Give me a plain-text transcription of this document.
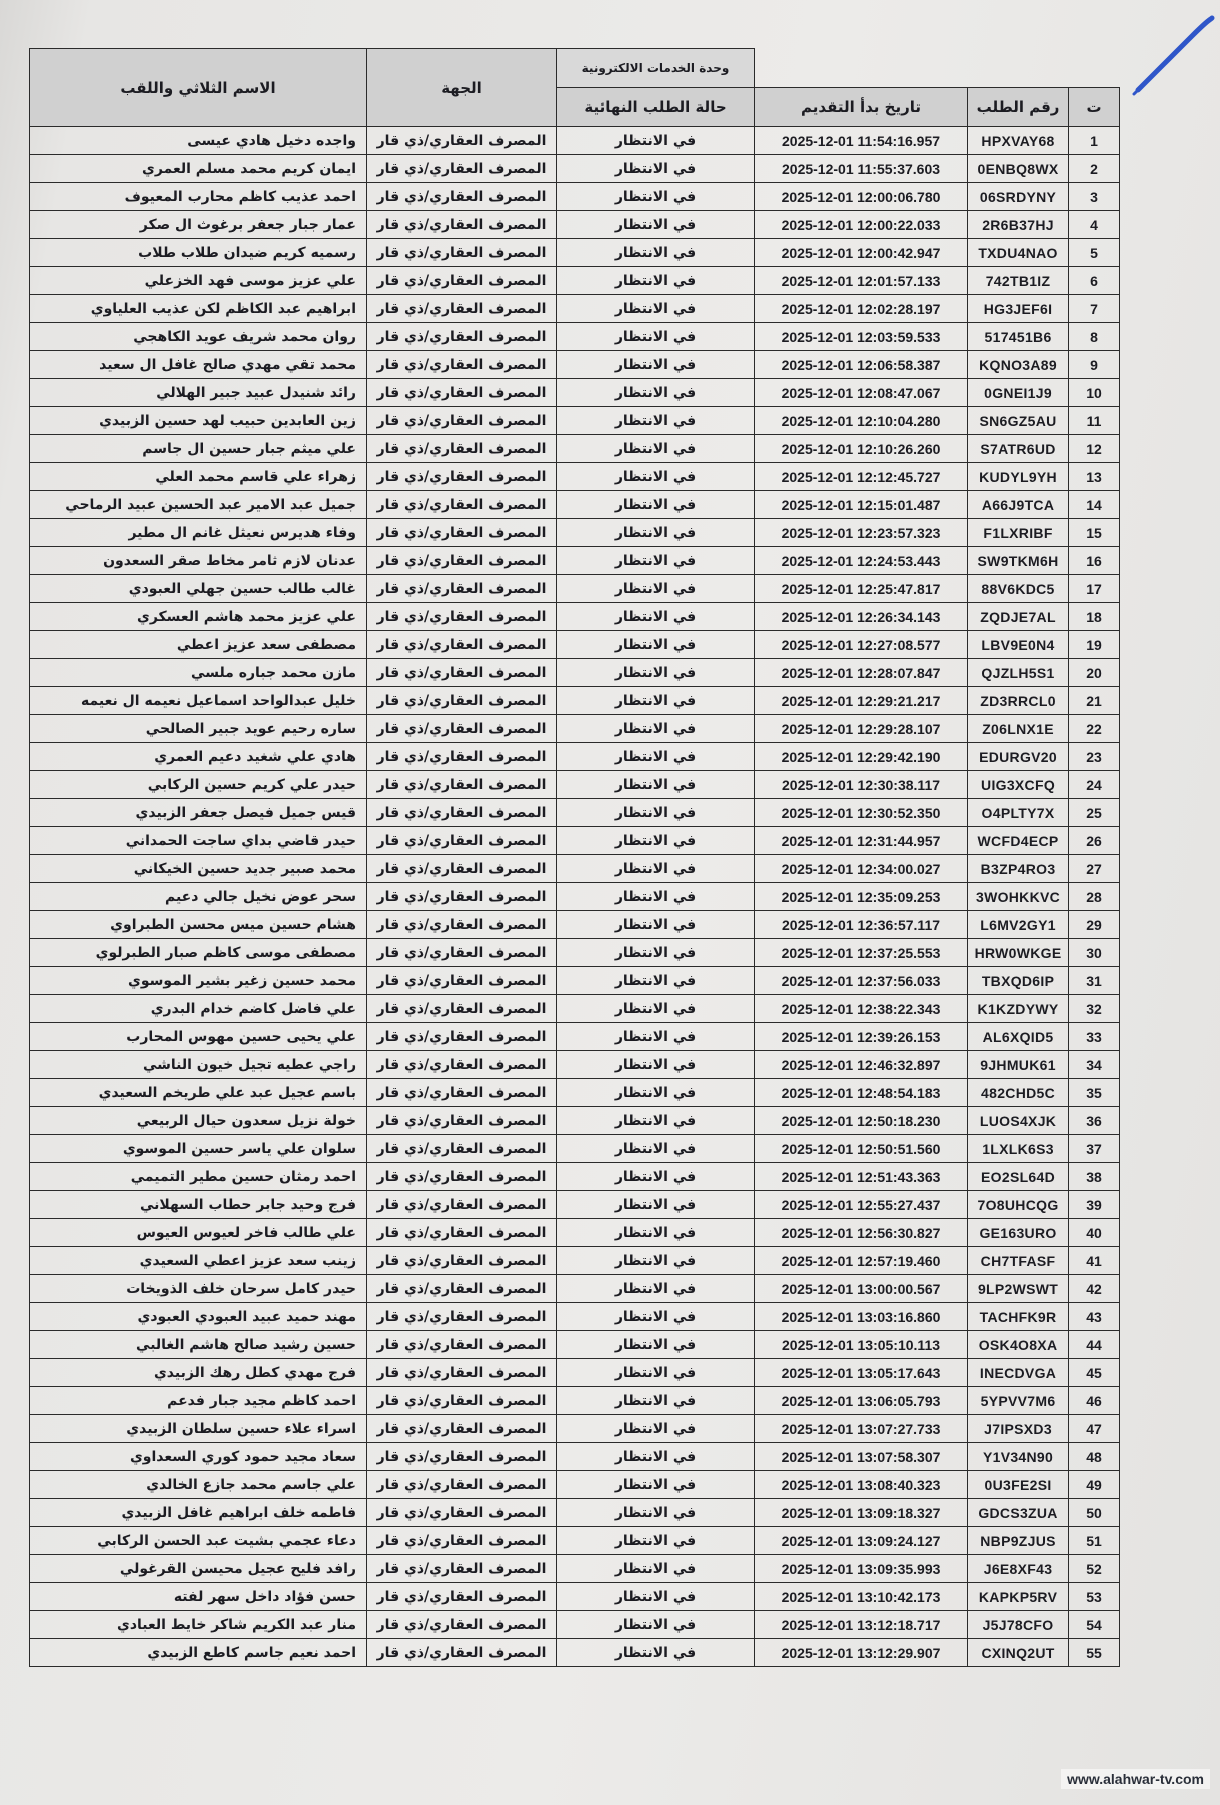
			وحدة الخدمات الالكترونية	الجهة	الاسم الثلاثي واللقب
ت	رقم الطلب	تاريخ بدأ التقديم	حالة الطلب النهائية		
1	HPXVAY68	2025-12-01 11:54:16.957	في الانتظار	المصرف العقاري/ذي قار	واجده دخيل هادي عيسى
2	0ENBQ8WX	2025-12-01 11:55:37.603	في الانتظار	المصرف العقاري/ذي قار	ايمان كريم محمد مسلم العمري
3	06SRDYNY	2025-12-01 12:00:06.780	في الانتظار	المصرف العقاري/ذي قار	احمد عذيب كاظم محارب المعيوف
4	2R6B37HJ	2025-12-01 12:00:22.033	في الانتظار	المصرف العقاري/ذي قار	عمار جبار جعفر برغوث ال صكر
5	TXDU4NAO	2025-12-01 12:00:42.947	في الانتظار	المصرف العقاري/ذي قار	رسميه كريم ضيدان طلاب طلاب
6	742TB1IZ	2025-12-01 12:01:57.133	في الانتظار	المصرف العقاري/ذي قار	علي عزيز موسى فهد الخزعلي
7	HG3JEF6I	2025-12-01 12:02:28.197	في الانتظار	المصرف العقاري/ذي قار	ابراهيم عبد الكاظم لكن عذيب العلياوي
8	517451B6	2025-12-01 12:03:59.533	في الانتظار	المصرف العقاري/ذي قار	روان محمد شريف عويد الكاهجي
9	KQNO3A89	2025-12-01 12:06:58.387	في الانتظار	المصرف العقاري/ذي قار	محمد تقي مهدي صالح غافل ال سعيد
10	0GNEI1J9	2025-12-01 12:08:47.067	في الانتظار	المصرف العقاري/ذي قار	رائد شنيدل عبيد جبير الهلالي
11	SN6GZ5AU	2025-12-01 12:10:04.280	في الانتظار	المصرف العقاري/ذي قار	زين العابدين حبيب لهد حسين الزبيدي
12	S7ATR6UD	2025-12-01 12:10:26.260	في الانتظار	المصرف العقاري/ذي قار	علي ميثم جبار حسين ال جاسم
13	KUDYL9YH	2025-12-01 12:12:45.727	في الانتظار	المصرف العقاري/ذي قار	زهراء علي قاسم محمد العلي
14	A66J9TCA	2025-12-01 12:15:01.487	في الانتظار	المصرف العقاري/ذي قار	جميل عبد الامير عبد الحسين عبيد الرماحي
15	F1LXRIBF	2025-12-01 12:23:57.323	في الانتظار	المصرف العقاري/ذي قار	وفاء هديرس نعيثل غانم ال مطير
16	SW9TKM6H	2025-12-01 12:24:53.443	في الانتظار	المصرف العقاري/ذي قار	عدنان لازم ثامر مخاط صقر السعدون
17	88V6KDC5	2025-12-01 12:25:47.817	في الانتظار	المصرف العقاري/ذي قار	غالب طالب حسين جهلي العبودي
18	ZQDJE7AL	2025-12-01 12:26:34.143	في الانتظار	المصرف العقاري/ذي قار	علي عزيز محمد هاشم العسكري
19	LBV9E0N4	2025-12-01 12:27:08.577	في الانتظار	المصرف العقاري/ذي قار	مصطفى سعد عزيز اعطي
20	QJZLH5S1	2025-12-01 12:28:07.847	في الانتظار	المصرف العقاري/ذي قار	مازن محمد جباره ملسي
21	ZD3RRCL0	2025-12-01 12:29:21.217	في الانتظار	المصرف العقاري/ذي قار	خليل عبدالواحد اسماعيل نعيمه ال نعيمه
22	Z06LNX1E	2025-12-01 12:29:28.107	في الانتظار	المصرف العقاري/ذي قار	ساره رحيم عويد جبير الصالحي
23	EDURGV20	2025-12-01 12:29:42.190	في الانتظار	المصرف العقاري/ذي قار	هادي علي شغيد دعيم العمري
24	UIG3XCFQ	2025-12-01 12:30:38.117	في الانتظار	المصرف العقاري/ذي قار	حيدر علي كريم حسين الركابي
25	O4PLTY7X	2025-12-01 12:30:52.350	في الانتظار	المصرف العقاري/ذي قار	قيس جميل فيصل جعفر الزبيدي
26	WCFD4ECP	2025-12-01 12:31:44.957	في الانتظار	المصرف العقاري/ذي قار	حيدر قاضي بداي ساجت الحمداني
27	B3ZP4RO3	2025-12-01 12:34:00.027	في الانتظار	المصرف العقاري/ذي قار	محمد صبير جديد حسين الخيكاني
28	3WOHKKVC	2025-12-01 12:35:09.253	في الانتظار	المصرف العقاري/ذي قار	سحر عوض نخيل جالي دعيم
29	L6MV2GY1	2025-12-01 12:36:57.117	في الانتظار	المصرف العقاري/ذي قار	هشام حسين ميس محسن الطبراوي
30	HRW0WKGE	2025-12-01 12:37:25.553	في الانتظار	المصرف العقاري/ذي قار	مصطفى موسى كاظم صبار الطبرلوي
31	TBXQD6IP	2025-12-01 12:37:56.033	في الانتظار	المصرف العقاري/ذي قار	محمد حسين زغير بشير الموسوي
32	K1KZDYWY	2025-12-01 12:38:22.343	في الانتظار	المصرف العقاري/ذي قار	علي فاضل كاضم خدام البدري
33	AL6XQID5	2025-12-01 12:39:26.153	في الانتظار	المصرف العقاري/ذي قار	علي يحيى حسين مهوس المحارب
34	9JHMUK61	2025-12-01 12:46:32.897	في الانتظار	المصرف العقاري/ذي قار	راجي عطيه تجيل خيون الناشي
35	482CHD5C	2025-12-01 12:48:54.183	في الانتظار	المصرف العقاري/ذي قار	باسم عجيل عبد علي طريخم السعيدي
36	LUOS4XJK	2025-12-01 12:50:18.230	في الانتظار	المصرف العقاري/ذي قار	خولة نزيل سعدون حيال الربيعي
37	1LXLK6S3	2025-12-01 12:50:51.560	في الانتظار	المصرف العقاري/ذي قار	سلوان علي ياسر حسين الموسوي
38	EO2SL64D	2025-12-01 12:51:43.363	في الانتظار	المصرف العقاري/ذي قار	احمد رمثان حسين مطير التميمي
39	7O8UHCQG	2025-12-01 12:55:27.437	في الانتظار	المصرف العقاري/ذي قار	فرج وحيد جابر حطاب السهلاني
40	GE163URO	2025-12-01 12:56:30.827	في الانتظار	المصرف العقاري/ذي قار	علي طالب فاخر لعيوس العيوس
41	CH7TFASF	2025-12-01 12:57:19.460	في الانتظار	المصرف العقاري/ذي قار	زينب سعد عزيز اعطي السعيدي
42	9LP2WSWT	2025-12-01 13:00:00.567	في الانتظار	المصرف العقاري/ذي قار	حيدر كامل سرحان خلف الذويخات
43	TACHFK9R	2025-12-01 13:03:16.860	في الانتظار	المصرف العقاري/ذي قار	مهند حميد عبيد العبودي العبودي
44	OSK4O8XA	2025-12-01 13:05:10.113	في الانتظار	المصرف العقاري/ذي قار	حسين رشيد صالح هاشم الغالبي
45	INECDVGA	2025-12-01 13:05:17.643	في الانتظار	المصرف العقاري/ذي قار	فرج مهدي كطل رهك الزبيدي
46	5YPVV7M6	2025-12-01 13:06:05.793	في الانتظار	المصرف العقاري/ذي قار	احمد كاظم مجيد جبار فدعم
47	J7IPSXD3	2025-12-01 13:07:27.733	في الانتظار	المصرف العقاري/ذي قار	اسراء علاء حسين سلطان الزبيدي
48	Y1V34N90	2025-12-01 13:07:58.307	في الانتظار	المصرف العقاري/ذي قار	سعاد مجيد حمود كوري السعداوي
49	0U3FE2SI	2025-12-01 13:08:40.323	في الانتظار	المصرف العقاري/ذي قار	علي جاسم محمد جازع الخالدي
50	GDCS3ZUA	2025-12-01 13:09:18.327	في الانتظار	المصرف العقاري/ذي قار	فاطمه خلف ابراهيم غافل الزبيدي
51	NBP9ZJUS	2025-12-01 13:09:24.127	في الانتظار	المصرف العقاري/ذي قار	دعاء عجمي بشيت عبد الحسن الركابي
52	J6E8XF43	2025-12-01 13:09:35.993	في الانتظار	المصرف العقاري/ذي قار	رافد فليح عجيل محيسن القرغولي
53	KAPKP5RV	2025-12-01 13:10:42.173	في الانتظار	المصرف العقاري/ذي قار	حسن فؤاد داخل سهر لفته
54	J5J78CFO	2025-12-01 13:12:18.717	في الانتظار	المصرف العقاري/ذي قار	منار عبد الكريم شاكر خايط العبادي
55	CXINQ2UT	2025-12-01 13:12:29.907	في الانتظار	المصرف العقاري/ذي قار	احمد نعيم جاسم كاطع الزبيدي
www.alahwar-tv.com
